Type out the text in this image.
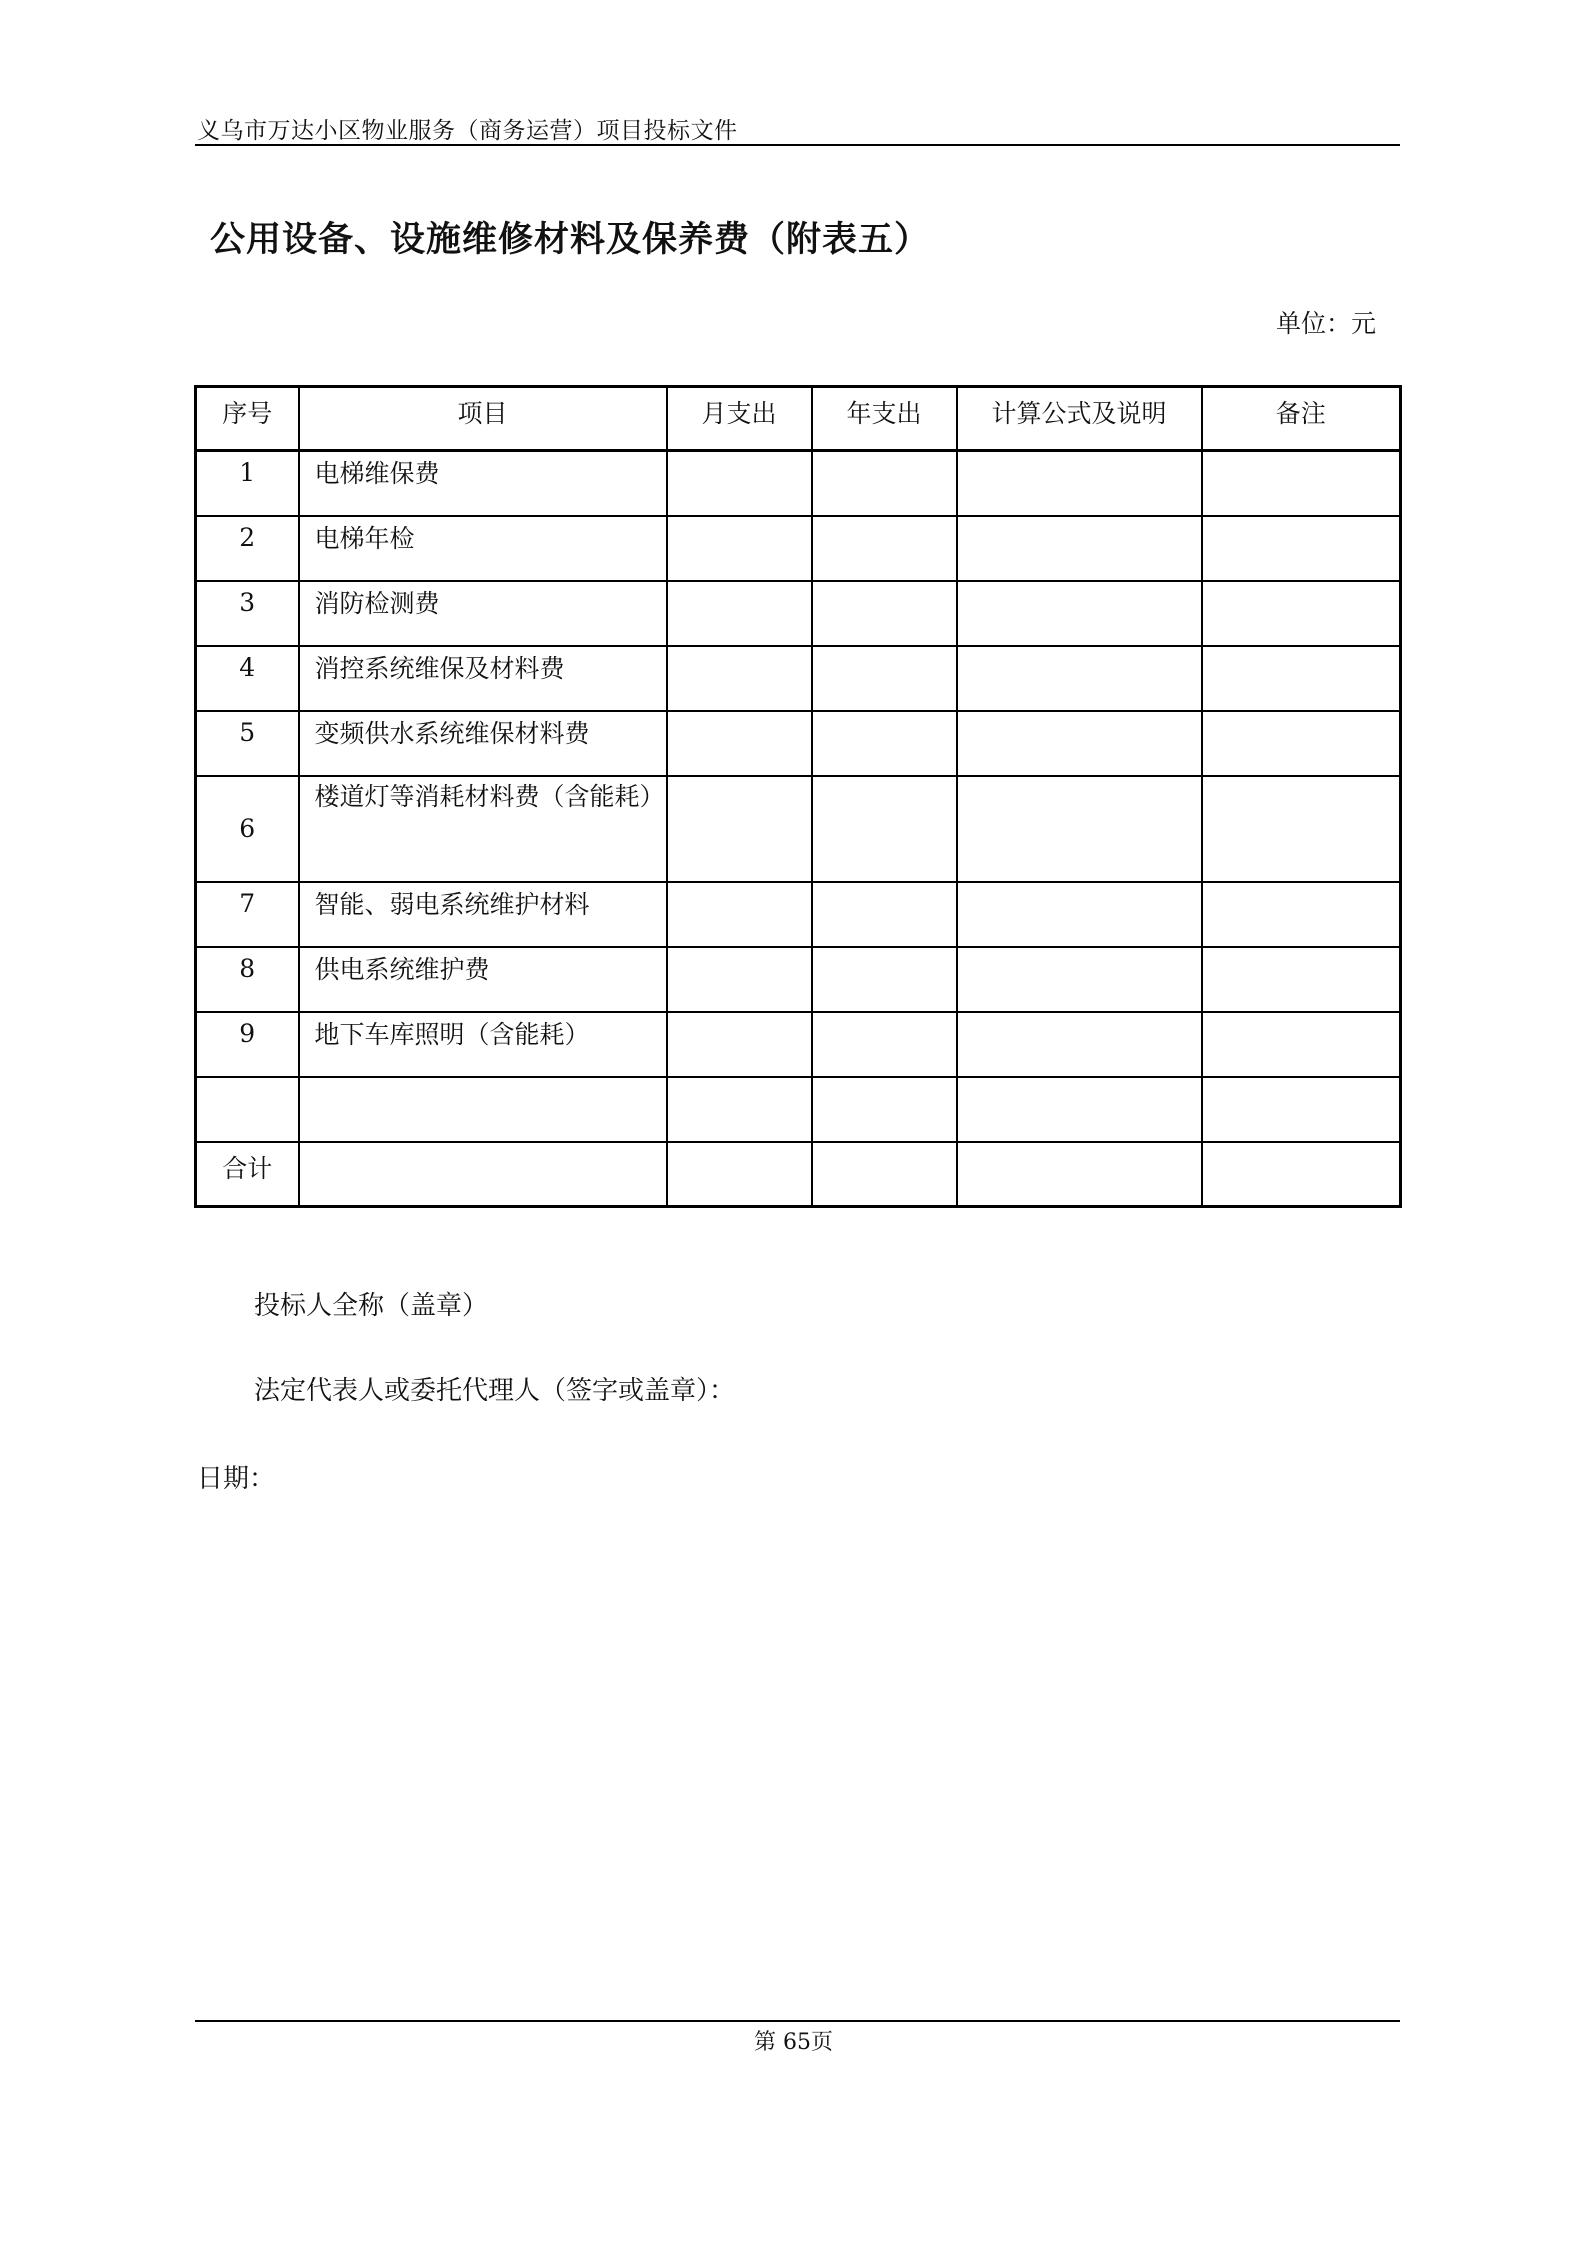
义乌市万达小区物业服务（商务运营）项目投标文件
公用设备、设施维修材料及保养费（附表五）
单位：元
序号	项目	月支出	年支出	计算公式及说明	备注
1	电梯维保费				
2	电梯年检				
3	消防检测费				
4	消控系统维保及材料费				
5	变频供水系统维保材料费				
6	楼道灯等消耗材料费（含能耗）				
7	智能、弱电系统维护材料				
8	供电系统维护费				
9	地下车库照明（含能耗）				

合计					
投标人全称（盖章）
法定代表人或委托代理人（签字或盖章）：
日期：
第 65页
